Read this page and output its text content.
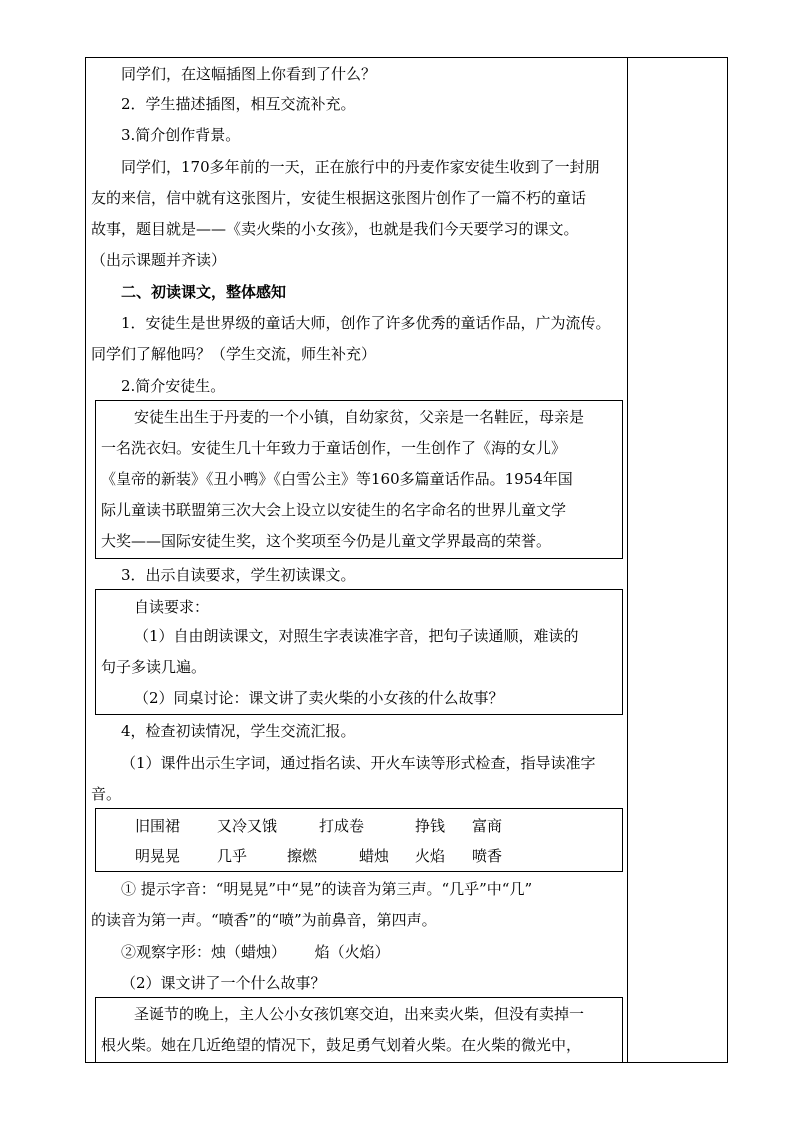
同学们，在这幅插图上你看到了什么？
2．学生描述插图，相互交流补充。
3.简介创作背景。
同学们，170多年前的一天，正在旅行中的丹麦作家安徒生收到了一封朋
友的来信，信中就有这张图片，安徒生根据这张图片创作了一篇不朽的童话
故事，题目就是——《卖火柴的小女孩》，也就是我们今天要学习的课文。
（出示课题并齐读）
二、初读课文，整体感知
1．安徒生是世界级的童话大师，创作了许多优秀的童话作品，广为流传。
同学们了解他吗？（学生交流，师生补充）
2.简介安徒生。
安徒生出生于丹麦的一个小镇，自幼家贫，父亲是一名鞋匠，母亲是
一名洗衣妇。安徒生几十年致力于童话创作，一生创作了《海的女儿》
《皇帝的新装》《丑小鸭》《白雪公主》等160多篇童话作品。1954年国
际儿童读书联盟第三次大会上设立以安徒生的名字命名的世界儿童文学
大奖——国际安徒生奖，这个奖项至今仍是儿童文学界最高的荣誉。
3．出示自读要求，学生初读课文。
自读要求：
（1）自由朗读课文，对照生字表读准字音，把句子读通顺，难读的
句子多读几遍。
（2）同桌讨论：课文讲了卖火柴的小女孩的什么故事？
4，检查初读情况，学生交流汇报。
（1）课件出示生字词，通过指名读、开火车读等形式检查，指导读准字
音。
旧围裙 又冷又饿	打成卷	挣钱 富商
明晃晃 几乎	擦燃	蜡烛 火焰 喷香
① 提示字音：“明晃晃”中“晃”的读音为第三声。“几乎”中“几”
的读音为第一声。“喷香”的“喷”为前鼻音，第四声。
②观察字形：烛（蜡烛）      焰（火焰）
（2）课文讲了一个什么故事？
圣诞节的晚上，主人公小女孩饥寒交迫，出来卖火柴，但没有卖掉一
根火柴。她在几近绝望的情况下，鼓足勇气划着火柴。在火柴的微光中，
